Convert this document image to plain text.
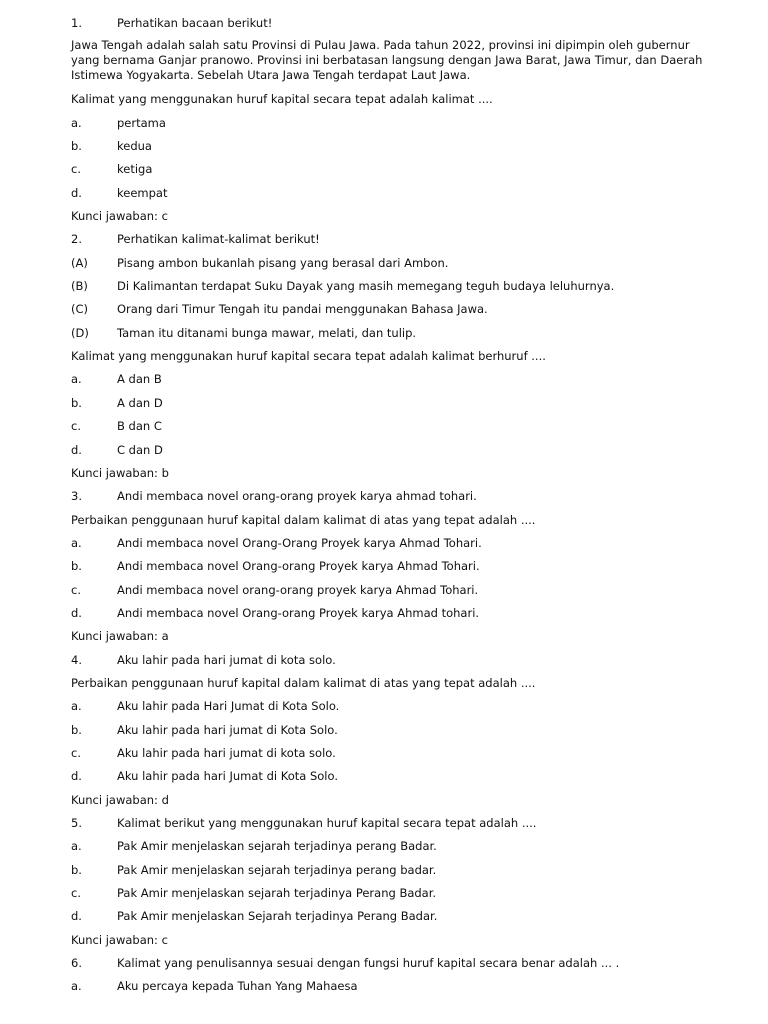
1.	Perhatikan bacaan berikut!
Jawa Tengah adalah salah satu Provinsi di Pulau Jawa. Pada tahun 2022, provinsi ini dipimpin oleh gubernur yang bernama Ganjar pranowo. Provinsi ini berbatasan langsung dengan Jawa Barat, Jawa Timur, dan Daerah Istimewa Yogyakarta. Sebelah Utara Jawa Tengah terdapat Laut Jawa.
Kalimat yang menggunakan huruf kapital secara tepat adalah kalimat ....
a.	pertama
b.	kedua
c.	ketiga
d.	keempat
Kunci jawaban: c
2.	Perhatikan kalimat-kalimat berikut!
(A)	Pisang ambon bukanlah pisang yang berasal dari Ambon.
(B)	Di Kalimantan terdapat Suku Dayak yang masih memegang teguh budaya leluhurnya.
(C)	Orang dari Timur Tengah itu pandai menggunakan Bahasa Jawa.
(D) Taman itu ditanami bunga mawar, melati, dan tulip.
Kalimat yang menggunakan huruf kapital secara tepat adalah kalimat berhuruf ....
a.	A dan B
b.	A dan D
c.	B dan C
d.	C dan D
Kunci jawaban: b
3.	Andi membaca novel orang-orang proyek karya ahmad tohari.
Perbaikan penggunaan huruf kapital dalam kalimat di atas yang tepat adalah ....
a.	Andi membaca novel Orang-Orang Proyek karya Ahmad Tohari.
b.	Andi membaca novel Orang-orang Proyek karya Ahmad Tohari.
c.	Andi membaca novel orang-orang proyek karya Ahmad Tohari.
d.	Andi membaca novel Orang-orang Proyek karya Ahmad tohari.
Kunci jawaban: a
4.	Aku lahir pada hari jumat di kota solo.
Perbaikan penggunaan huruf kapital dalam kalimat di atas yang tepat adalah ....
a.	Aku lahir pada Hari Jumat di Kota Solo.
b.	Aku lahir pada hari jumat di Kota Solo.
c.	Aku lahir pada hari jumat di kota solo.
d.	Aku lahir pada hari Jumat di Kota Solo.
Kunci jawaban: d
5.	Kalimat berikut yang menggunakan huruf kapital secara tepat adalah ....
a.	Pak Amir menjelaskan sejarah terjadinya perang Badar.
b.	Pak Amir menjelaskan sejarah terjadinya perang badar.
c.	Pak Amir menjelaskan sejarah terjadinya Perang Badar.
d.	Pak Amir menjelaskan Sejarah terjadinya Perang Badar.
Kunci jawaban: c
6.	Kalimat yang penulisannya sesuai dengan fungsi huruf kapital secara benar adalah ... .
a.	Aku percaya kepada Tuhan Yang Mahaesa
